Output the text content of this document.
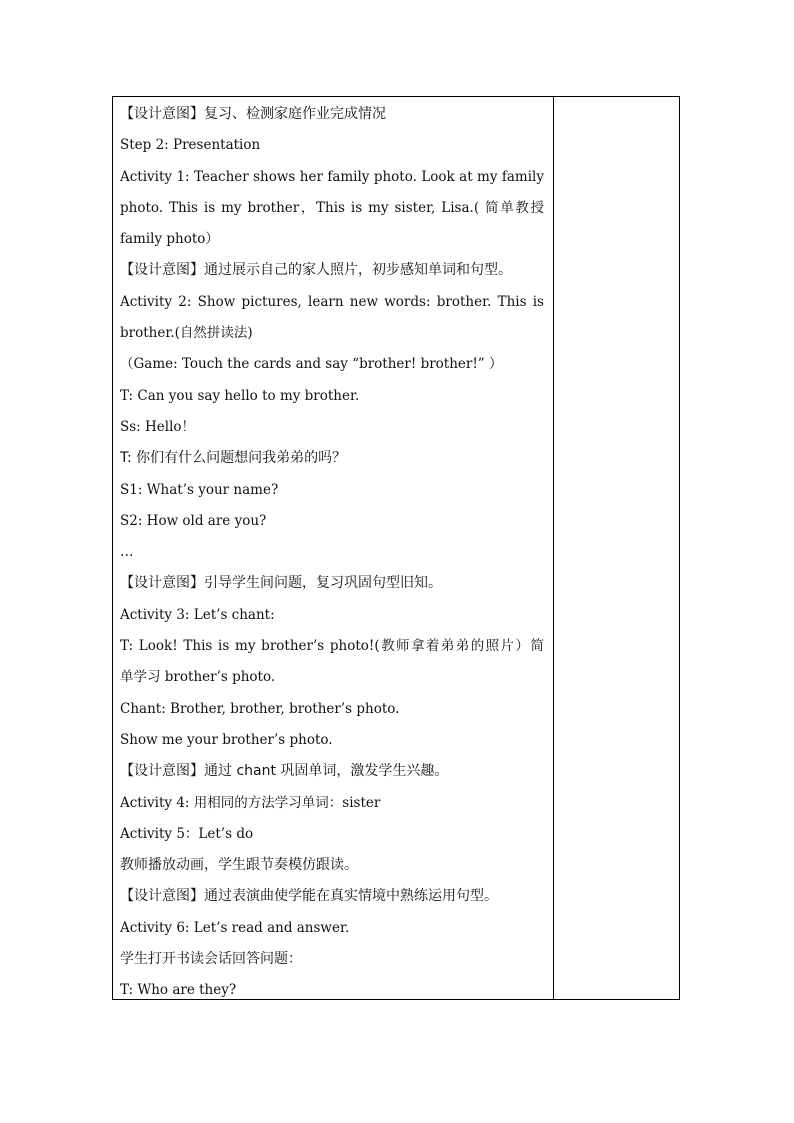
【设计意图】复习、检测家庭作业完成情况
Step 2: Presentation
Activity 1: Teacher shows her family photo. Look at my family
photo. This is my brother，This is my sister, Lisa.( 简单教授
family photo）
【设计意图】通过展示自己的家人照片，初步感知单词和句型。
Activity 2: Show pictures, learn new words: brother. This is
brother.(自然拼读法)
（Game: Touch the cards and say “brother! brother!” ）
T: Can you say hello to my brother.
Ss: Hello！
T: 你们有什么问题想问我弟弟的吗？
S1: What’s your name?
S2: How old are you?
…
【设计意图】引导学生间问题，复习巩固句型旧知。
Activity 3: Let’s chant:
T: Look! This is my brother’s photo!(教师拿着弟弟的照片）简
单学习 brother’s photo.
Chant: Brother, brother, brother’s photo.
Show me your brother’s photo.
【设计意图】通过 chant 巩固单词，激发学生兴趣。
Activity 4: 用相同的方法学习单词：sister
Activity 5：Let’s do
教师播放动画，学生跟节奏模仿跟读。
【设计意图】通过表演曲使学能在真实情境中熟练运用句型。
Activity 6: Let’s read and answer.
学生打开书读会话回答问题：
T: Who are they?
